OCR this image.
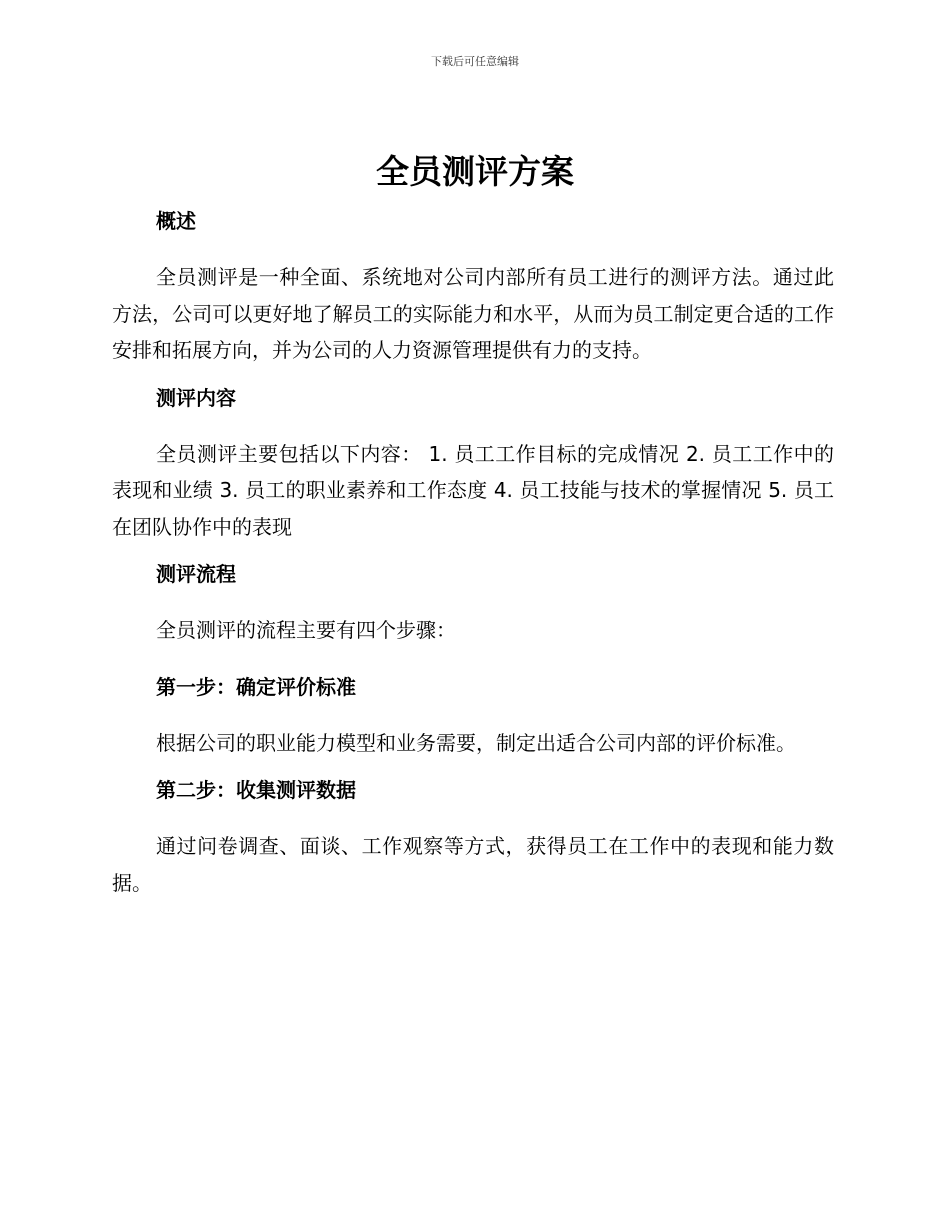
下载后可任意编辑
全员测评方案

概述

全员测评是一种全面、系统地对公司内部所有员工进行的测评方法。通过此方法，公司可以更好地了解员工的实际能力和水平，从而为员工制定更合适的工作安排和拓展方向，并为公司的人力资源管理提供有力的支持。

测评内容

全员测评主要包括以下内容： 1. 员工工作目标的完成情况 2. 员工工作中的表现和业绩 3. 员工的职业素养和工作态度 4. 员工技能与技术的掌握情况 5. 员工在团队协作中的表现

测评流程

全员测评的流程主要有四个步骤：

第一步：确定评价标准

根据公司的职业能力模型和业务需要，制定出适合公司内部的评价标准。

第二步：收集测评数据

通过问卷调查、面谈、工作观察等方式，获得员工在工作中的表现和能力数据。
